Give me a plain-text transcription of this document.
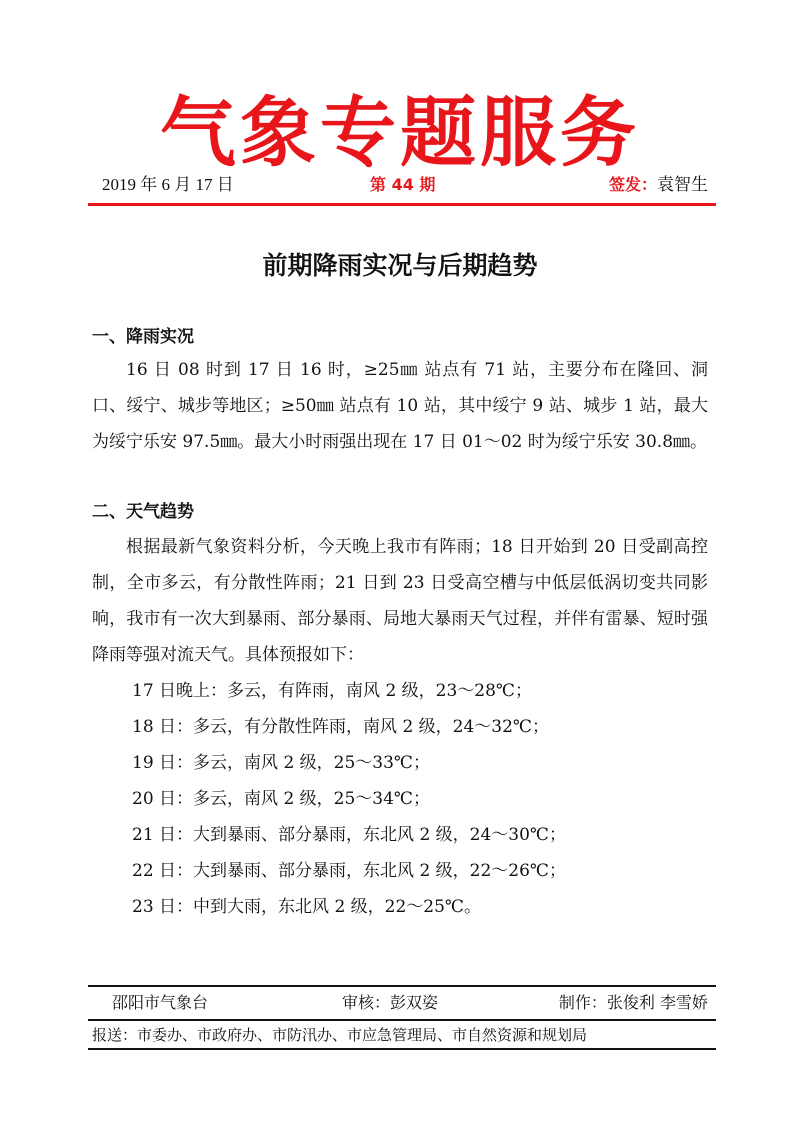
气象专题服务
2019 年 6 月 17 日	第 44 期	签发：袁智生
前期降雨实况与后期趋势
一、降雨实况
16 日 08 时到 17 日 16 时，≥25㎜ 站点有 71 站，主要分布在隆回、洞口、绥宁、城步等地区；≥50㎜ 站点有 10 站，其中绥宁 9 站、城步 1 站，最大为绥宁乐安 97.5㎜。最大小时雨强出现在 17 日 01～02 时为绥宁乐安 30.8㎜。
二、天气趋势
根据最新气象资料分析，今天晚上我市有阵雨；18 日开始到 20 日受副高控制，全市多云，有分散性阵雨；21 日到 23 日受高空槽与中低层低涡切变共同影响，我市有一次大到暴雨、部分暴雨、局地大暴雨天气过程，并伴有雷暴、短时强降雨等强对流天气。具体预报如下：
17 日晚上：多云，有阵雨，南风 2 级，23～28℃；
18 日：多云，有分散性阵雨，南风 2 级，24～32℃；
19 日：多云，南风 2 级，25～33℃；
20 日：多云，南风 2 级，25～34℃；
21 日：大到暴雨、部分暴雨，东北风 2 级，24～30℃；
22 日：大到暴雨、部分暴雨，东北风 2 级，22～26℃；
23 日：中到大雨，东北风 2 级，22～25℃。
邵阳市气象台	审核：彭双姿	制作：张俊利 李雪娇
报送：市委办、市政府办、市防汛办、市应急管理局、市自然资源和规划局
